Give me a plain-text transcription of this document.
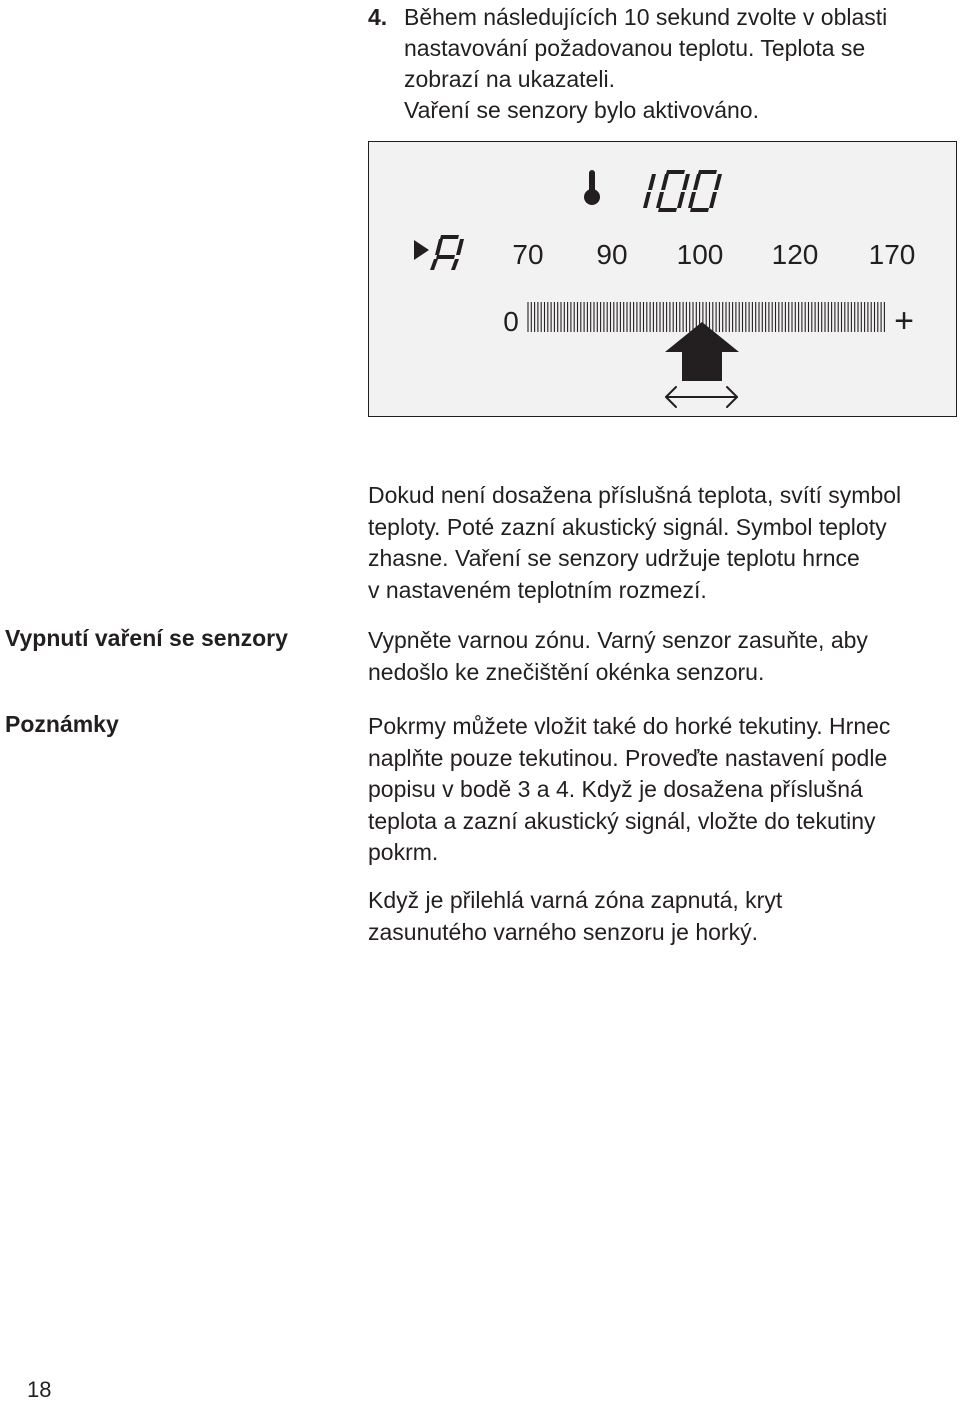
4. Během následujících 10 sekund zvolte v oblasti
nastavování požadovanou teplotu. Teplota se
zobrazí na ukazateli.
Vaření se senzory bylo aktivováno.
70 90 100 120 170
0	+
Dokud není dosažena příslušná teplota, svítí symbol
teploty. Poté zazní akustický signál. Symbol teploty
zhasne. Vaření se senzory udržuje teplotu hrnce
v nastaveném teplotním rozmezí.
Vypnutí vaření se senzory	Vypněte varnou zónu. Varný senzor zasuňte, aby
nedošlo ke znečištění okénka senzoru.
Poznámky	Pokrmy můžete vložit také do horké tekutiny. Hrnec
naplňte pouze tekutinou. Proveďte nastavení podle
popisu v bodě 3 a 4. Když je dosažena příslušná
teplota a zazní akustický signál, vložte do tekutiny
pokrm.
Když je přilehlá varná zóna zapnutá, kryt
zasunutého varného senzoru je horký.
18
